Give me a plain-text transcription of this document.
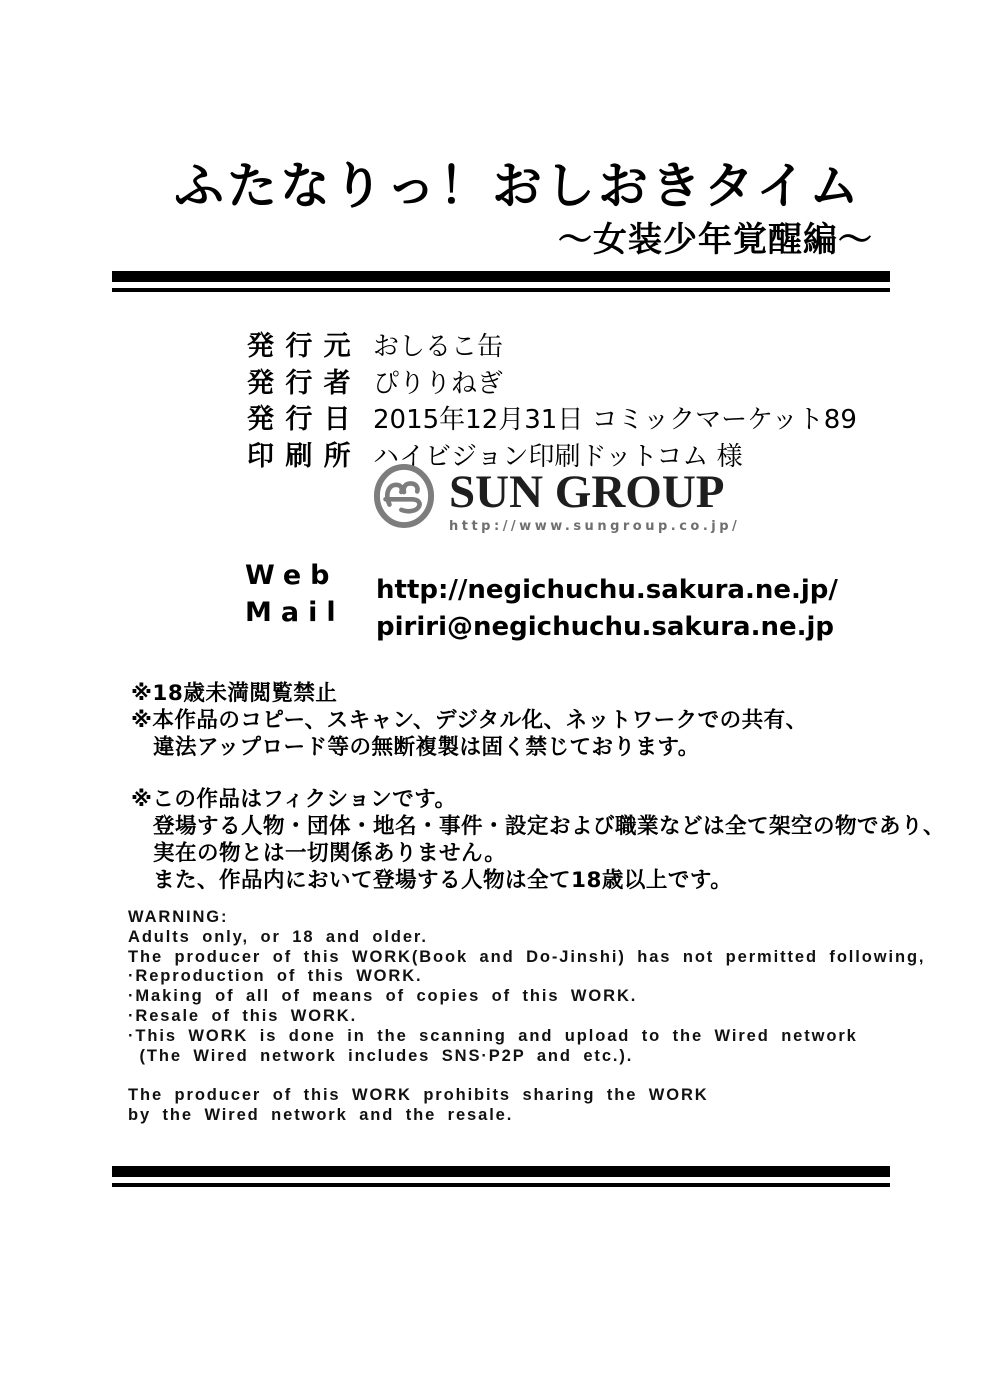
ふたなりっ！おしおきタイム
～女装少年覚醒編～
発行元 おしるこ缶
発行者 ぴりりねぎ
発行日 2015年12月31日 コミックマーケット89
印刷所 ハイビジョン印刷ドットコム 様
SUN GROUP
http://www.sungroup.co.jp/
Web
Mail
http://negichuchu.sakura.ne.jp/
piriri@negichuchu.sakura.ne.jp
※18歳未満閲覧禁止
※本作品のコピー、スキャン、デジタル化、ネットワークでの共有、
　違法アップロード等の無断複製は固く禁じております。
※この作品はフィクションです。
　登場する人物・団体・地名・事件・設定および職業などは全て架空の物であり、
　実在の物とは一切関係ありません。
　また、作品内において登場する人物は全て18歳以上です。
WARNING:
Adults only, or 18 and older.
The producer of this WORK(Book and Do-Jinshi) has not permitted following,
·Reproduction of this WORK.
·Making of all of means of copies of this WORK.
·Resale of this WORK.
·This WORK is done in the scanning and upload to the Wired network
(The Wired network includes SNS·P2P and etc.).
The producer of this WORK prohibits sharing the WORK
by the Wired network and the resale.
